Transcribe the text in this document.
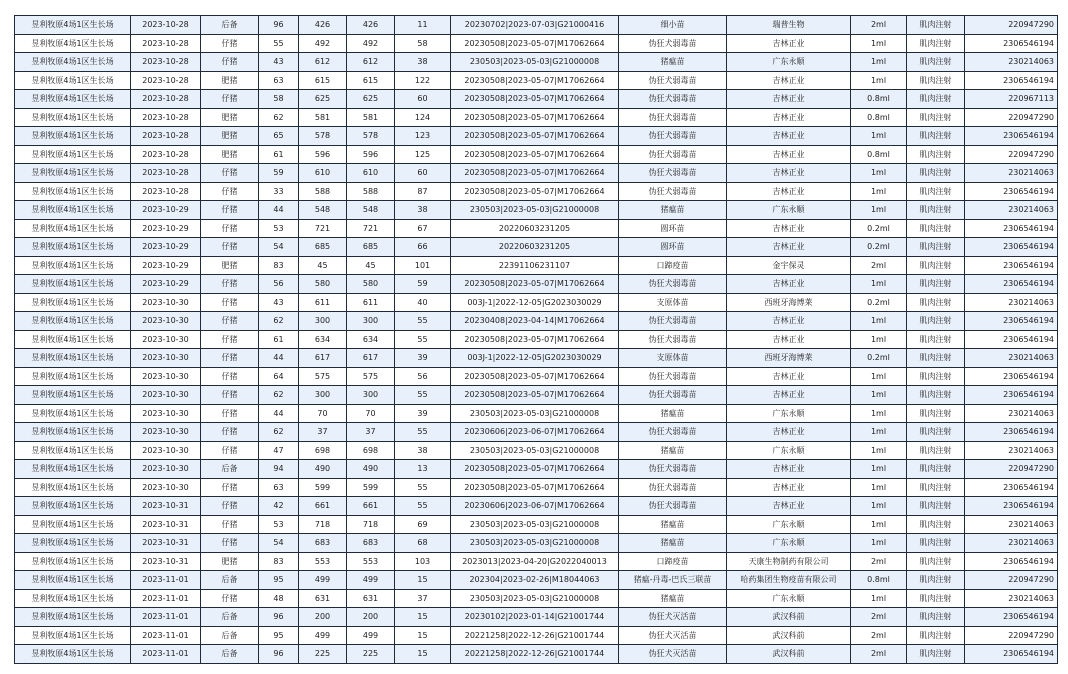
昱利牧原4场1区生长场	2023-10-28	后备	96	426	426	11	20230702|2023-07-03|G21000416	细小苗	瑞普生物	2ml	肌肉注射	220947290
昱利牧原4场1区生长场	2023-10-28	仔猪	55	492	492	58	20230508|2023-05-07|M17062664	伪狂犬弱毒苗	吉林正业	1ml	肌肉注射	2306546194
昱利牧原4场1区生长场	2023-10-28	仔猪	43	612	612	38	230503|2023-05-03|G21000008	猪瘟苗	广东永顺	1ml	肌肉注射	230214063
昱利牧原4场1区生长场	2023-10-28	肥猪	63	615	615	122	20230508|2023-05-07|M17062664	伪狂犬弱毒苗	吉林正业	1ml	肌肉注射	2306546194
昱利牧原4场1区生长场	2023-10-28	仔猪	58	625	625	60	20230508|2023-05-07|M17062664	伪狂犬弱毒苗	吉林正业	0.8ml	肌肉注射	220967113
昱利牧原4场1区生长场	2023-10-28	肥猪	62	581	581	124	20230508|2023-05-07|M17062664	伪狂犬弱毒苗	吉林正业	0.8ml	肌肉注射	220947290
昱利牧原4场1区生长场	2023-10-28	肥猪	65	578	578	123	20230508|2023-05-07|M17062664	伪狂犬弱毒苗	吉林正业	1ml	肌肉注射	2306546194
昱利牧原4场1区生长场	2023-10-28	肥猪	61	596	596	125	20230508|2023-05-07|M17062664	伪狂犬弱毒苗	吉林正业	0.8ml	肌肉注射	220947290
昱利牧原4场1区生长场	2023-10-28	仔猪	59	610	610	60	20230508|2023-05-07|M17062664	伪狂犬弱毒苗	吉林正业	1ml	肌肉注射	230214063
昱利牧原4场1区生长场	2023-10-28	仔猪	33	588	588	87	20230508|2023-05-07|M17062664	伪狂犬弱毒苗	吉林正业	1ml	肌肉注射	2306546194
昱利牧原4场1区生长场	2023-10-29	仔猪	44	548	548	38	230503|2023-05-03|G21000008	猪瘟苗	广东永顺	1ml	肌肉注射	230214063
昱利牧原4场1区生长场	2023-10-29	仔猪	53	721	721	67	20220603231205	圆环苗	吉林正业	0.2ml	肌肉注射	2306546194
昱利牧原4场1区生长场	2023-10-29	仔猪	54	685	685	66	20220603231205	圆环苗	吉林正业	0.2ml	肌肉注射	2306546194
昱利牧原4场1区生长场	2023-10-29	肥猪	83	45	45	101	22391106231107	口蹄疫苗	金宇保灵	2ml	肌肉注射	2306546194
昱利牧原4场1区生长场	2023-10-29	仔猪	56	580	580	59	20230508|2023-05-07|M17062664	伪狂犬弱毒苗	吉林正业	1ml	肌肉注射	2306546194
昱利牧原4场1区生长场	2023-10-30	仔猪	43	611	611	40	003J-1|2022-12-05|G2023030029	支原体苗	西班牙海博莱	0.2ml	肌肉注射	230214063
昱利牧原4场1区生长场	2023-10-30	仔猪	62	300	300	55	20230408|2023-04-14|M17062664	伪狂犬弱毒苗	吉林正业	1ml	肌肉注射	2306546194
昱利牧原4场1区生长场	2023-10-30	仔猪	61	634	634	55	20230508|2023-05-07|M17062664	伪狂犬弱毒苗	吉林正业	1ml	肌肉注射	2306546194
昱利牧原4场1区生长场	2023-10-30	仔猪	44	617	617	39	003J-1|2022-12-05|G2023030029	支原体苗	西班牙海博莱	0.2ml	肌肉注射	230214063
昱利牧原4场1区生长场	2023-10-30	仔猪	64	575	575	56	20230508|2023-05-07|M17062664	伪狂犬弱毒苗	吉林正业	1ml	肌肉注射	2306546194
昱利牧原4场1区生长场	2023-10-30	仔猪	62	300	300	55	20230508|2023-05-07|M17062664	伪狂犬弱毒苗	吉林正业	1ml	肌肉注射	2306546194
昱利牧原4场1区生长场	2023-10-30	仔猪	44	70	70	39	230503|2023-05-03|G21000008	猪瘟苗	广东永顺	1ml	肌肉注射	230214063
昱利牧原4场1区生长场	2023-10-30	仔猪	62	37	37	55	20230606|2023-06-07|M17062664	伪狂犬弱毒苗	吉林正业	1ml	肌肉注射	2306546194
昱利牧原4场1区生长场	2023-10-30	仔猪	47	698	698	38	230503|2023-05-03|G21000008	猪瘟苗	广东永顺	1ml	肌肉注射	230214063
昱利牧原4场1区生长场	2023-10-30	后备	94	490	490	13	20230508|2023-05-07|M17062664	伪狂犬弱毒苗	吉林正业	1ml	肌肉注射	220947290
昱利牧原4场1区生长场	2023-10-30	仔猪	63	599	599	55	20230508|2023-05-07|M17062664	伪狂犬弱毒苗	吉林正业	1ml	肌肉注射	2306546194
昱利牧原4场1区生长场	2023-10-31	仔猪	42	661	661	55	20230606|2023-06-07|M17062664	伪狂犬弱毒苗	吉林正业	1ml	肌肉注射	2306546194
昱利牧原4场1区生长场	2023-10-31	仔猪	53	718	718	69	230503|2023-05-03|G21000008	猪瘟苗	广东永顺	1ml	肌肉注射	230214063
昱利牧原4场1区生长场	2023-10-31	仔猪	54	683	683	68	230503|2023-05-03|G21000008	猪瘟苗	广东永顺	1ml	肌肉注射	230214063
昱利牧原4场1区生长场	2023-10-31	肥猪	83	553	553	103	2023013|2023-04-20|G2022040013	口蹄疫苗	天康生物制药有限公司	2ml	肌肉注射	2306546194
昱利牧原4场1区生长场	2023-11-01	后备	95	499	499	15	202304|2023-02-26|M18044063	猪瘟-丹毒-巴氏三联苗	哈药集团生物疫苗有限公司	0.8ml	肌肉注射	220947290
昱利牧原4场1区生长场	2023-11-01	仔猪	48	631	631	37	230503|2023-05-03|G21000008	猪瘟苗	广东永顺	1ml	肌肉注射	230214063
昱利牧原4场1区生长场	2023-11-01	后备	96	200	200	15	20230102|2023-01-14|G21001744	伪狂犬灭活苗	武汉科前	2ml	肌肉注射	2306546194
昱利牧原4场1区生长场	2023-11-01	后备	95	499	499	15	20221258|2022-12-26|G21001744	伪狂犬灭活苗	武汉科前	2ml	肌肉注射	220947290
昱利牧原4场1区生长场	2023-11-01	后备	96	225	225	15	20221258|2022-12-26|G21001744	伪狂犬灭活苗	武汉科前	2ml	肌肉注射	2306546194
